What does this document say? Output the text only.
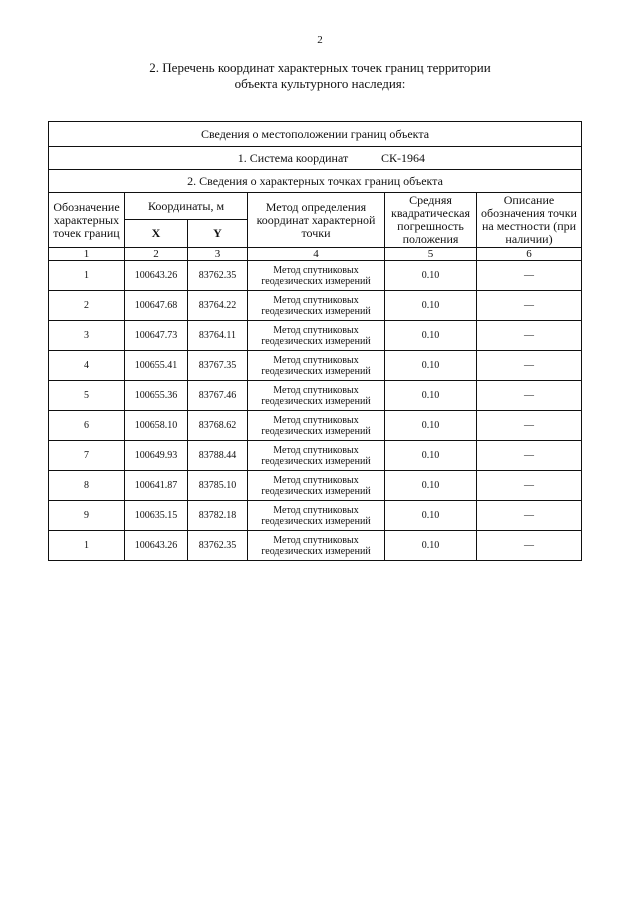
2
2. Перечень координат характерных точек границ территории
объекта культурного наследия:
Сведения о местоположении границ объекта					
1. Система координат СК-1964					
2. Сведения о характерных точках границ объекта					
Обозначение характерных точек границ	Координаты, м		Метод определения координат характерной точки	Средняя квадратическая погрешность положения	Описание обозначения точки на местности (при наличии)
	X	Y			
1	2	3	4	5	6
1	100643.26	83762.35	Метод спутниковых геодезических измерений	0.10	—
2	100647.68	83764.22	Метод спутниковых геодезических измерений	0.10	—
3	100647.73	83764.11	Метод спутниковых геодезических измерений	0.10	—
4	100655.41	83767.35	Метод спутниковых геодезических измерений	0.10	—
5	100655.36	83767.46	Метод спутниковых геодезических измерений	0.10	—
6	100658.10	83768.62	Метод спутниковых геодезических измерений	0.10	—
7	100649.93	83788.44	Метод спутниковых геодезических измерений	0.10	—
8	100641.87	83785.10	Метод спутниковых геодезических измерений	0.10	—
9	100635.15	83782.18	Метод спутниковых геодезических измерений	0.10	—
1	100643.26	83762.35	Метод спутниковых геодезических измерений	0.10	—
